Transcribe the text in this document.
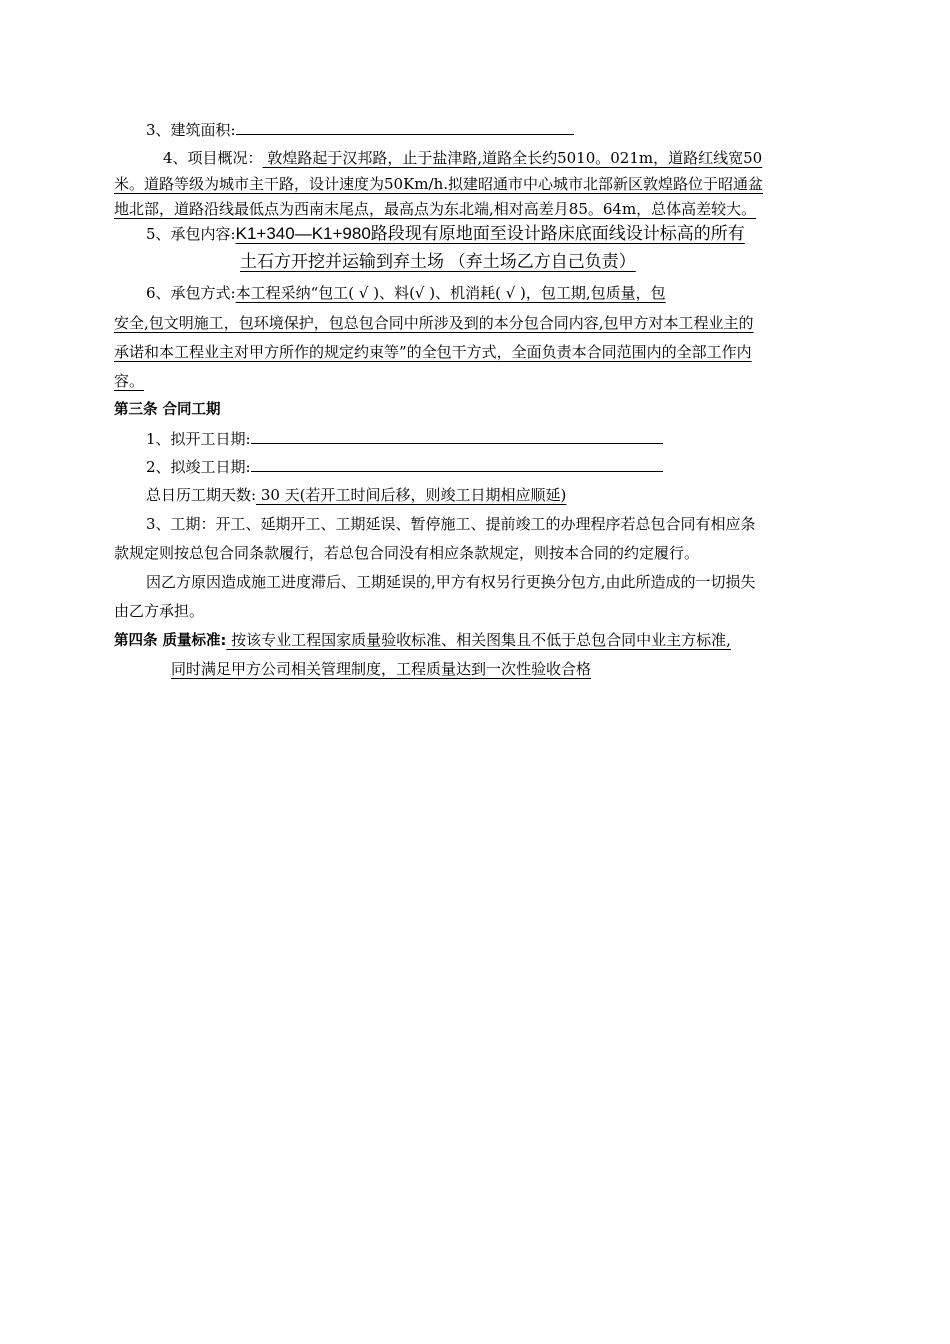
3、建筑面积:
4、项目概况： 敦煌路起于汉邦路，止于盐津路,道路全长约5010。021m，道路红线宽50
米。道路等级为城市主干路，设计速度为50Km/h.拟建昭通市中心城市北部新区敦煌路位于昭通盆
地北部，道路沿线最低点为西南末尾点，最高点为东北端,相对高差月85。64m，总体高差较大。
5、承包内容:K1+340—K1+980路段现有原地面至设计路床底面线设计标高的所有
土石方开挖并运输到弃土场 （弃土场乙方自己负责）
6、承包方式:本工程采纳“包工( √ )、料(√ )、机消耗( √ )，包工期,包质量，包
安全,包文明施工，包环境保护，包总包合同中所涉及到的本分包合同内容,包甲方对本工程业主的
承诺和本工程业主对甲方所作的规定约束等”的全包干方式，全面负责本合同范围内的全部工作内
容。
第三条 合同工期
1、拟开工日期:
2、拟竣工日期:
总日历工期天数: 30 天(若开工时间后移，则竣工日期相应顺延)
3、工期：开工、延期开工、工期延误、暂停施工、提前竣工的办理程序若总包合同有相应条
款规定则按总包合同条款履行，若总包合同没有相应条款规定，则按本合同的约定履行。
因乙方原因造成施工进度滞后、工期延误的,甲方有权另行更换分包方,由此所造成的一切损失
由乙方承担。
第四条 质量标准: 按该专业工程国家质量验收标准、相关图集且不低于总包合同中业主方标准,
同时满足甲方公司相关管理制度，工程质量达到一次性验收合格
